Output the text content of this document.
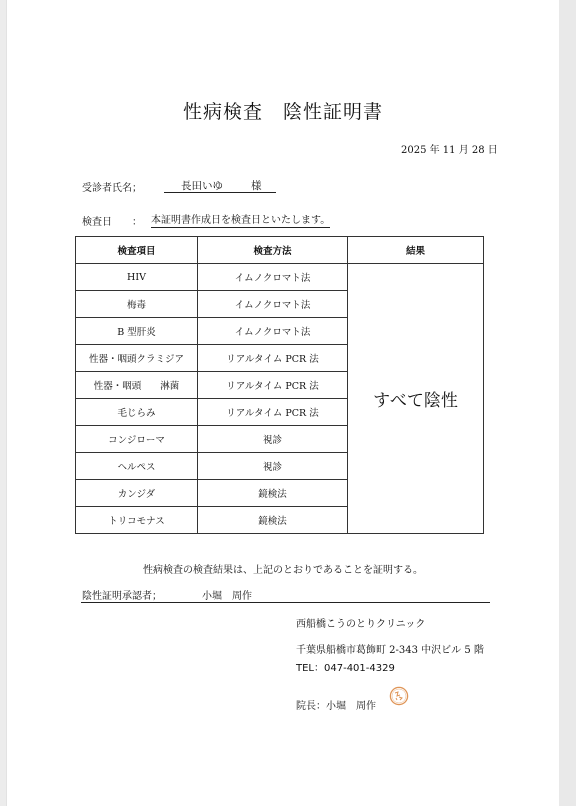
性病検査　陰性証明書
2025 年 11 月 28 日
受診者氏名；	長田いゆ	様
検査日　　： 本証明書作成日を検査日といたします。
検査項目	検査方法	結果
HIV	イムノクロマト法	すべて陰性
梅毒	イムノクロマト法	
B 型肝炎	イムノクロマト法	
性器・咽頭クラミジア	リアルタイム PCR 法	
性器・咽頭　　淋菌	リアルタイム PCR 法	
毛じらみ	リアルタイム PCR 法	
コンジローマ	視診	
ヘルペス	視診	
カンジダ	鏡検法	
トリコモナス	鏡検法	
性病検査の検査結果は、上記のとおりであることを証明する。
陰性証明承認者；	小堀　周作
西船橋こうのとりクリニック
千葉県船橋市葛飾町 2-343 中沢ビル 5 階
TEL：047-401-4329
院長：小堀　周作
